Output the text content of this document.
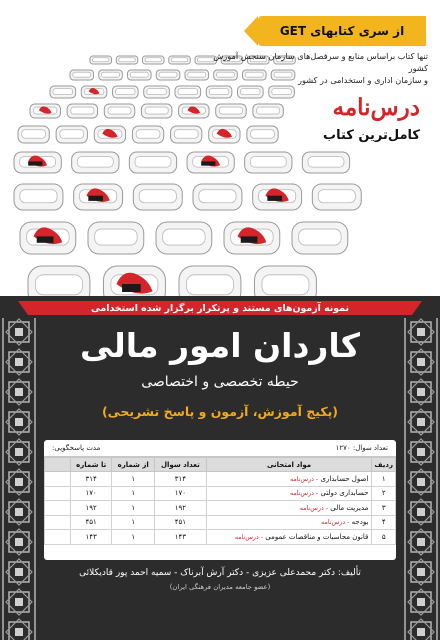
از سری کتابهای GET
تنها کتاب براساس منابع و سرفصل‌های سازمان سنجش آموزش کشور
و سازمان اداری و استخدامی در کشور
درس‌نامه
کامل‌ترین کتاب
نمونه آزمون‌های مستند و پرتکرار برگزار شده استخدامی
کاردان امور مالی
حیطه تخصصی و اختصاصی
(پکیج آموزش، آزمون و پاسخ تشریحی)
تعداد سوال: ۱۲۷۰
مدت پاسخگویی:
ردیف	مواد امتحانی	تعداد سوال	از شماره	تا شماره	
۱	اصول حسابداری - درس‌نامه	۳۱۴	۱	۳۱۴	
۲	حسابداری دولتی - درس‌نامه	۱۷۰	۱	۱۷۰	
۳	مدیریت مالی - درس‌نامه	۱۹۲	۱	۱۹۲	
۴	بودجه - درس‌نامه	۴۵۱	۱	۴۵۱	
۵	قانون محاسبات و مناقصات عمومی - درس‌نامه	۱۴۳	۱	۱۴۳	
تألیف: دکتر محمدعلی عزیزی - دکتر آرش آبرناک - سمیه احمد پور قادیکلائی
(عضو جامعه مدیران فرهنگی ایران)
